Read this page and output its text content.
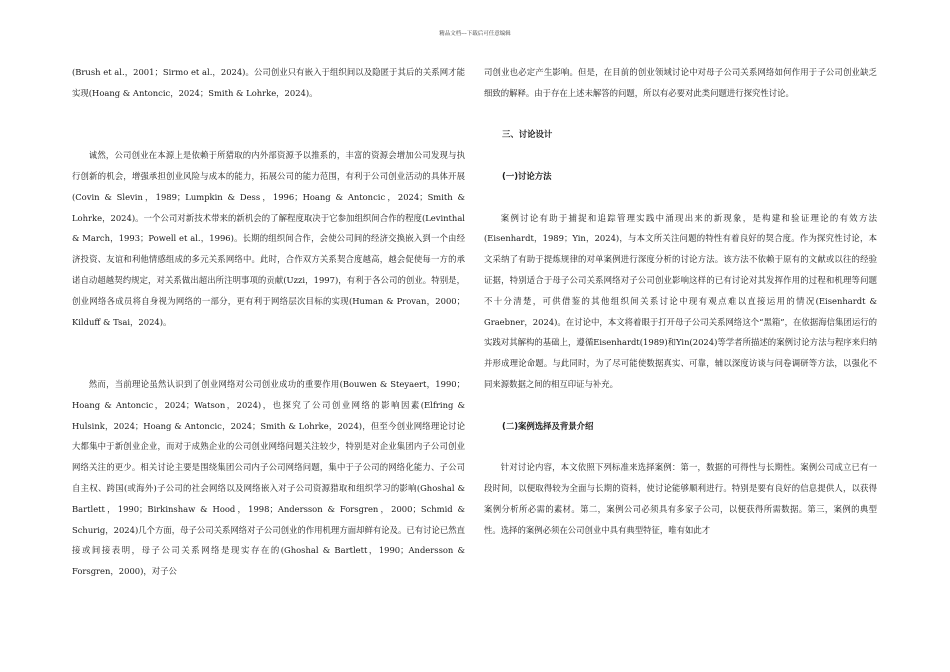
精品文档---下载后可任意编辑

(Brush et al.，2001；Sirmo et al.，2024)。公司创业只有嵌入于组织间以及隐匿于其后的关系网才能实现(Hoang & Antoncic，2024；Smith & Lohrke，2024)。

诚然，公司创业在本源上是依赖于所猎取的内外部资源予以推系的，丰富的资源会增加公司发现与执行创新的机会，增强承担创业风险与成本的能力，拓展公司的能力范围，有利于公司创业活动的具体开展(Covin & Slevin，1989；Lumpkin & Dess，1996；Hoang & Antoncic，2024；Smith & Lohrke，2024)。一个公司对新技术带来的新机会的了解程度取决于它参加组织间合作的程度(Levinthal & March，1993；Powell et al.，1996)。长期的组织间合作，会使公司间的经济交换嵌入到一个由经济投资、友谊和利他情感组成的多元关系网络中。此时，合作双方关系契合度越高，越会促使每一方的承诺自动超越契约规定，对关系做出超出所注明事项的贡献(Uzzi，1997)，有利于各公司的创业。特别是，创业网络各成员将自身视为网络的一部分，更有利于网络层次目标的实现(Human & Provan，2000；Kilduff & Tsai，2024)。

然而，当前理论虽然认识到了创业网络对公司创业成功的重要作用(Bouwen & Steyaert，1990；Hoang & Antoncic，2024；Watson，2024)，也探究了公司创业网络的影响因素(Elfring & Hulsink，2024；Hoang & Antoncic，2024；Smith & Lohrke，2024)，但至今创业网络理论讨论大都集中于新创业企业，而对于成熟企业的公司创业网络问题关注较少，特别是对企业集团内子公司创业网络关注的更少。相关讨论主要是围绕集团公司内子公司网络问题，集中于子公司的网络化能力、子公司自主权、跨国(或海外)子公司的社会网络以及网络嵌入对子公司资源猎取和组织学习的影响(Ghoshal & Bartlett，1990；Birkinshaw & Hood，1998；Andersson & Forsgren，2000；Schmid & Schurig，2024)几个方面，母子公司关系网络对子公司创业的作用机理方面却鲜有论及。已有讨论已然直接或间接表明，母子公司关系网络是现实存在的(Ghoshal & Bartlett，1990；Andersson & Forsgren，2000)，对子公

司创业也必定产生影响。但是，在目前的创业领域讨论中对母子公司关系网络如何作用于子公司创业缺乏细致的解释。由于存在上述未解答的问题，所以有必要对此类问题进行探究性讨论。

三、讨论设计
(一)讨论方法

案例讨论有助于捕捉和追踪管理实践中涌现出来的新现象，是构建和验证理论的有效方法(Eisenhardt，1989；Yin，2024)，与本文所关注问题的特性有着良好的契合度。作为探究性讨论，本文采纳了有助于提炼规律的对单案例进行深度分析的讨论方法。该方法不依赖于原有的文献或以往的经验证据，特别适合于母子公司关系网络对子公司创业影响这样的已有讨论对其发挥作用的过程和机理等问题不十分清楚，可供借鉴的其他组织间关系讨论中现有观点难以直接运用的情况(Eisenhardt & Graebner，2024)。在讨论中，本文将着眼于打开母子公司关系网络这个“黑箱”，在依据海信集团运行的实践对其解构的基础上，遵循Eisenhardt(1989)和Yin(2024)等学者所描述的案例讨论方法与程序来归纳并形成理论命题。与此同时，为了尽可能使数据真实、可靠，辅以深度访谈与问卷调研等方法，以强化不同来源数据之间的相互印证与补充。

(二)案例选择及背景介绍

针对讨论内容，本文依照下列标准来选择案例：第一，数据的可得性与长期性。案例公司成立已有一段时间，以便取得较为全面与长期的资料，使讨论能够顺利进行。特别是要有良好的信息提供人，以获得案例分析所必需的素材。第二，案例公司必须具有多家子公司，以便获得所需数据。第三，案例的典型性。选择的案例必须在公司创业中具有典型特征，唯有如此才
